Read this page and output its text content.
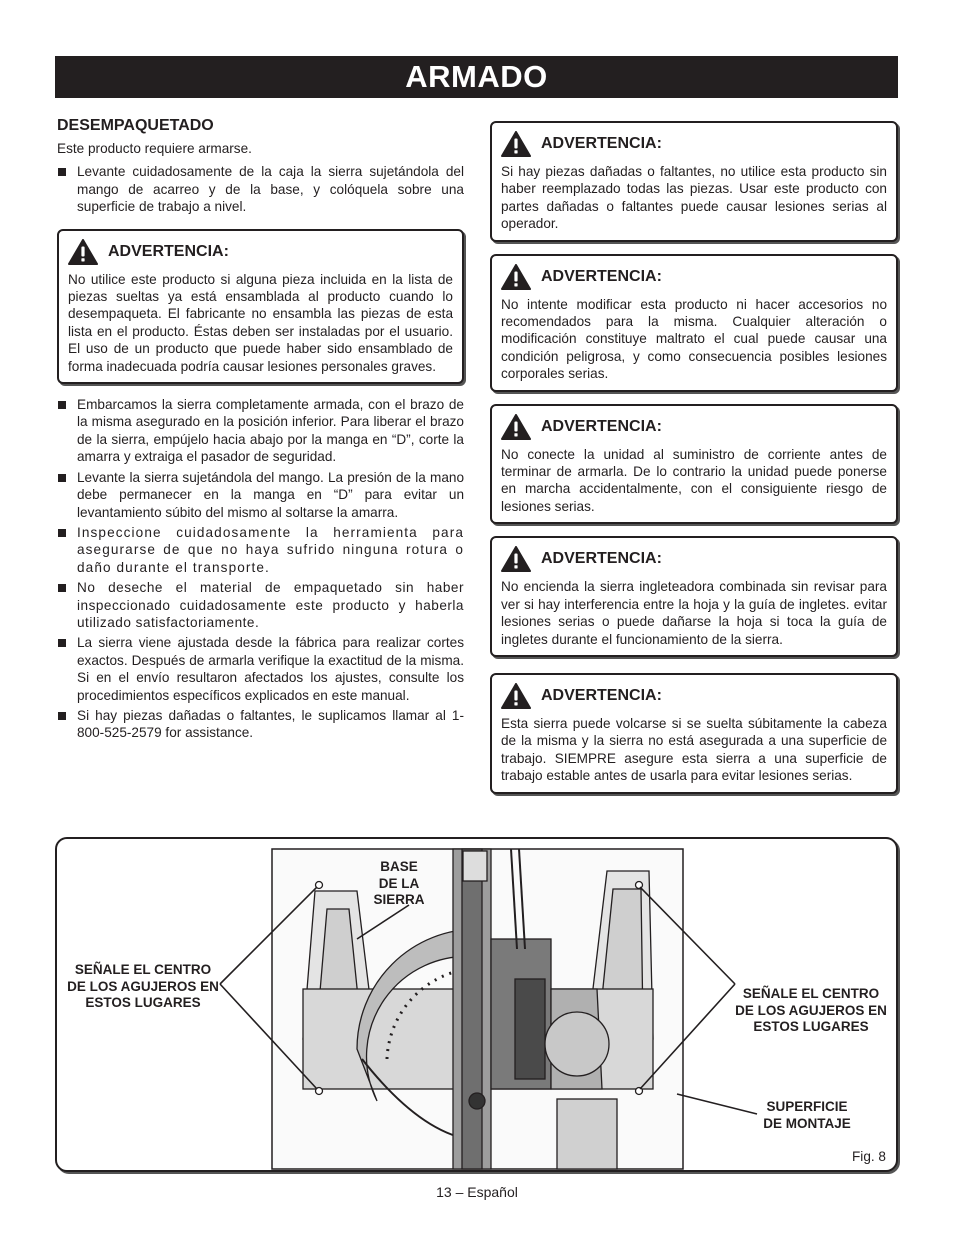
ARMADO
DESEMPAQUETADO
Este producto requiere armarse.
Levante cuidadosamente de la caja la sierra sujetándola del mango de acarreo y de la base, y colóquela sobre una superficie de trabajo a nivel.
ADVERTENCIA:
No utilice este producto si alguna pieza incluida en la lista de piezas sueltas ya está ensamblada al producto cuando lo desempaqueta. El fabricante no ensambla las piezas de esta lista en el producto. Éstas deben ser instaladas por el usuario. El uso de un producto que puede haber sido ensamblado de forma inadecuada podría causar lesiones personales graves.
Embarcamos la sierra completamente armada, con el brazo de la misma asegurado en la posición inferior. Para liberar el brazo de la sierra, empújelo hacia abajo por la manga en “D”, corte la amarra y extraiga el pasador de seguridad.
Levante la sierra sujetándola del mango. La presión de la mano debe permanecer en la manga en “D” para evitar un levantamiento súbito del mismo al soltarse la amarra.
Inspeccione cuidadosamente la herramienta para asegurarse de que no haya sufrido ninguna rotura o daño durante el transporte.
No deseche el material de empaquetado sin haber inspeccionado cuidadosamente este producto y haberla utilizado satisfactoriamente.
La sierra viene ajustada desde la fábrica para realizar cortes exactos. Después de armarla verifique la exactitud de la misma. Si en el envío resultaron afectados los ajustes, consulte los procedimientos específicos explicados en este manual.
Si hay piezas dañadas o faltantes, le suplicamos llamar al 1-800-525-2579 for assistance.
ADVERTENCIA:
Si hay piezas dañadas o faltantes, no utilice esta producto sin haber reemplazado todas las piezas. Usar este producto con partes dañadas o faltantes puede causar lesiones serias al operador.
ADVERTENCIA:
No intente modificar esta producto ni hacer accesorios no recomendados para la misma. Cualquier alteración o modificación constituye maltrato el cual puede causar una condición peligrosa, y como consecuencia posibles lesiones corporales serias.
ADVERTENCIA:
No conecte la unidad al suministro de corriente antes de terminar de armarla. De lo contrario la unidad puede ponerse en marcha accidentalmente, con el consiguiente riesgo de lesiones serias.
ADVERTENCIA:
No encienda la sierra ingleteadora combinada sin revisar para ver si hay interferencia entre la hoja y la guía de ingletes. evitar lesiones serias o puede dañarse la hoja si toca la guía de ingletes durante el funcionamiento de la sierra.
ADVERTENCIA:
Esta sierra puede volcarse si se suelta súbitamente la cabeza de la misma y la sierra no está asegurada a una superficie de trabajo. SIEMPRE asegure esta sierra a una superficie de trabajo estable antes de usarla para evitar lesiones serias.
BASE
DE LA
SIERRA
SEÑALE EL CENTRO
DE LOS AGUJEROS EN
ESTOS LUGARES
SEÑALE EL CENTRO
DE LOS AGUJEROS EN
ESTOS LUGARES
SUPERFICIE
DE MONTAJE
Fig. 8
13 – Español
